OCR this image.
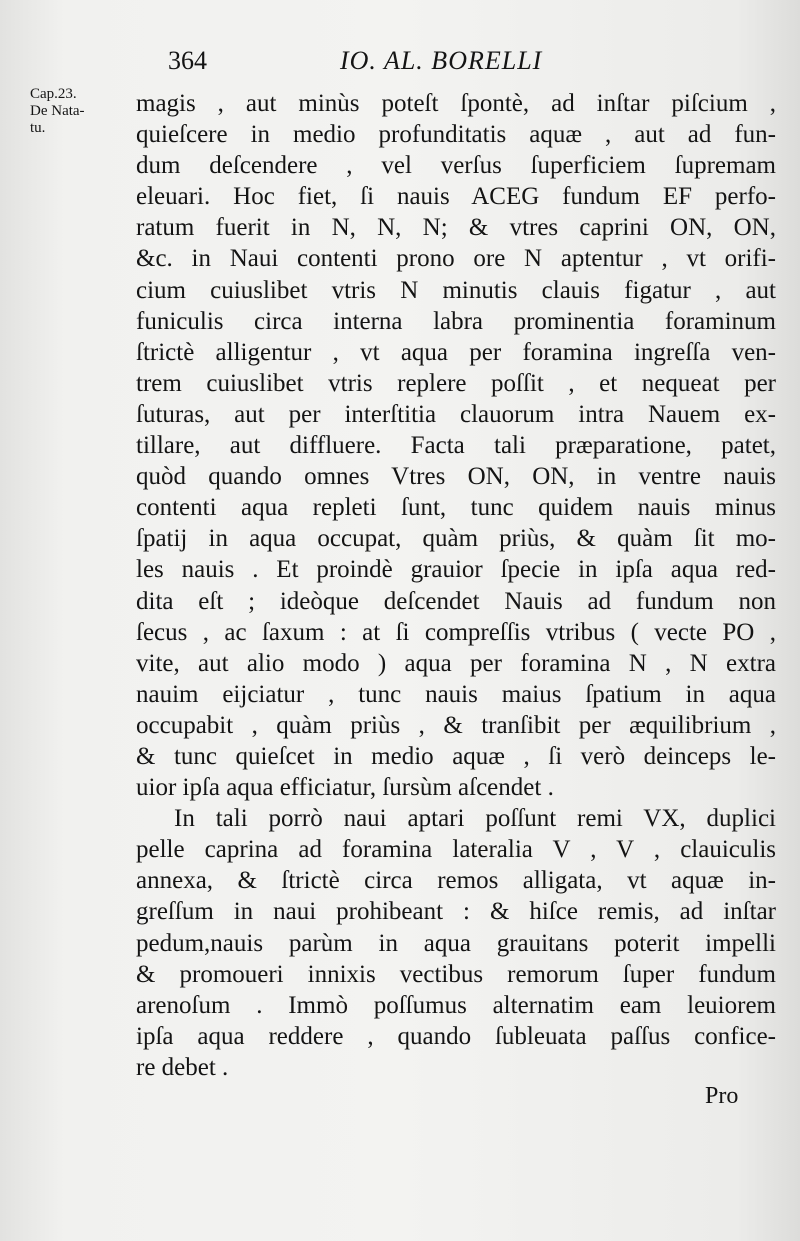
364	IO. AL. BORELLI
Cap.23.
De Nata-
tu.
magis , aut minùs poteſt ſpontè, ad inſtar piſcium ,
quieſcere in medio profunditatis aquæ , aut ad fun-
dum deſcendere , vel verſus ſuperficiem ſupremam
eleuari. Hoc fiet, ſi nauis ACEG fundum EF perfo-
ratum fuerit in N, N, N; & vtres caprini ON, ON,
&c. in Naui contenti prono ore N aptentur , vt orifi-
cium cuiuslibet vtris N minutis clauis figatur , aut
funiculis circa interna labra prominentia foraminum
ſtrictè alligentur , vt aqua per foramina ingreſſa ven-
trem cuiuslibet vtris replere poſſit , et nequeat per
ſuturas, aut per interſtitia clauorum intra Nauem ex-
tillare, aut diffluere. Facta tali præparatione, patet,
quòd quando omnes Vtres ON, ON, in ventre nauis
contenti aqua repleti ſunt, tunc quidem nauis minus
ſpatij in aqua occupat, quàm priùs, & quàm ſit mo-
les nauis . Et proindè grauior ſpecie in ipſa aqua red-
dita eſt ; ideòque deſcendet Nauis ad fundum non
ſecus , ac ſaxum : at ſi compreſſis vtribus ( vecte PO ,
vite, aut alio modo ) aqua per foramina N , N extra
nauim eijciatur , tunc nauis maius ſpatium in aqua
occupabit , quàm priùs , & tranſibit per æquilibrium ,
& tunc quieſcet in medio aquæ , ſi verò deinceps le-
uior ipſa aqua efficiatur, ſursùm aſcendet .
In tali porrò naui aptari poſſunt remi VX, duplici
pelle caprina ad foramina lateralia V , V , clauiculis
annexa, & ſtrictè circa remos alligata, vt aquæ in-
greſſum in naui prohibeant : & hiſce remis, ad inſtar
pedum,nauis parùm in aqua grauitans poterit impelli
& promoueri innixis vectibus remorum ſuper fundum
arenoſum . Immò poſſumus alternatim eam leuiorem
ipſa aqua reddere , quando ſubleuata paſſus confice-
re debet .
Pro
